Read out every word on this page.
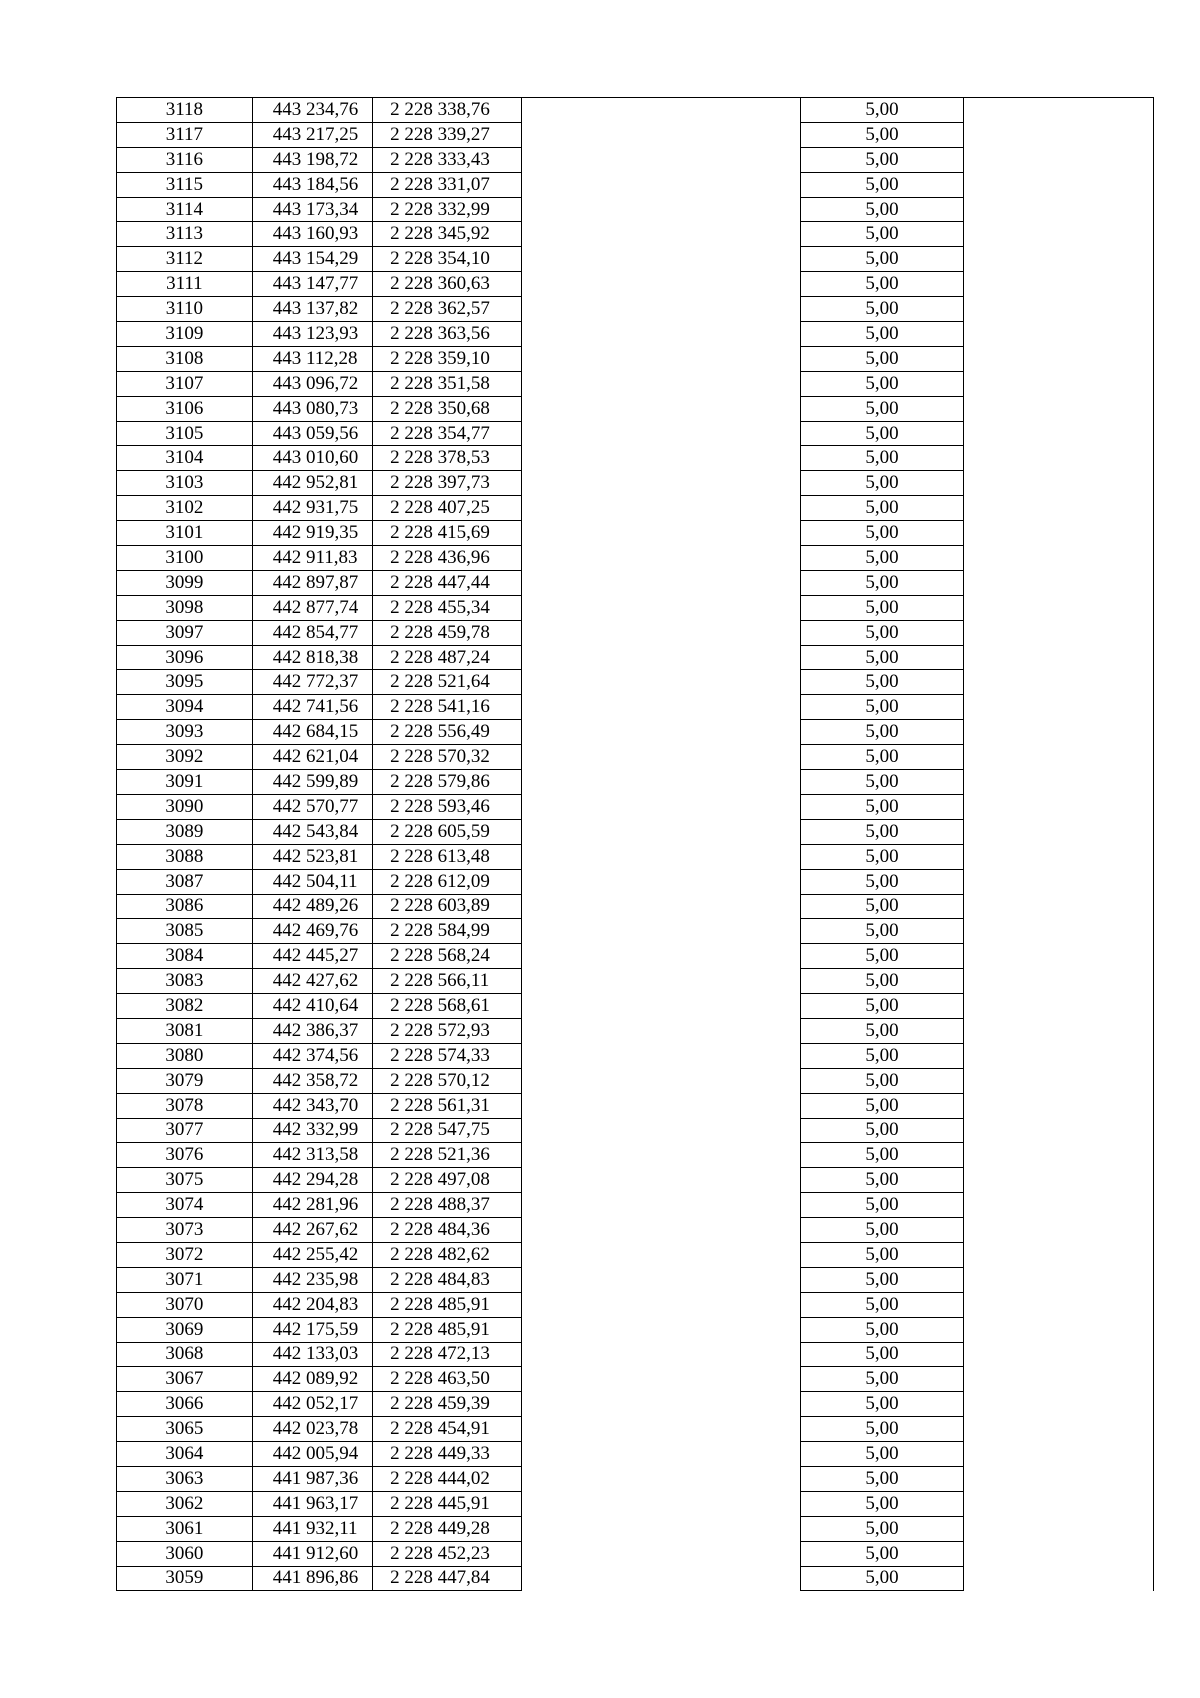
3118	443 234,76	2 228 338,76		5,00	
3117	443 217,25	2 228 339,27		5,00	
3116	443 198,72	2 228 333,43		5,00	
3115	443 184,56	2 228 331,07		5,00	
3114	443 173,34	2 228 332,99		5,00	
3113	443 160,93	2 228 345,92		5,00	
3112	443 154,29	2 228 354,10		5,00	
3111	443 147,77	2 228 360,63		5,00	
3110	443 137,82	2 228 362,57		5,00	
3109	443 123,93	2 228 363,56		5,00	
3108	443 112,28	2 228 359,10		5,00	
3107	443 096,72	2 228 351,58		5,00	
3106	443 080,73	2 228 350,68		5,00	
3105	443 059,56	2 228 354,77		5,00	
3104	443 010,60	2 228 378,53		5,00	
3103	442 952,81	2 228 397,73		5,00	
3102	442 931,75	2 228 407,25		5,00	
3101	442 919,35	2 228 415,69		5,00	
3100	442 911,83	2 228 436,96		5,00	
3099	442 897,87	2 228 447,44		5,00	
3098	442 877,74	2 228 455,34		5,00	
3097	442 854,77	2 228 459,78		5,00	
3096	442 818,38	2 228 487,24		5,00	
3095	442 772,37	2 228 521,64		5,00	
3094	442 741,56	2 228 541,16		5,00	
3093	442 684,15	2 228 556,49		5,00	
3092	442 621,04	2 228 570,32		5,00	
3091	442 599,89	2 228 579,86		5,00	
3090	442 570,77	2 228 593,46		5,00	
3089	442 543,84	2 228 605,59		5,00	
3088	442 523,81	2 228 613,48		5,00	
3087	442 504,11	2 228 612,09		5,00	
3086	442 489,26	2 228 603,89		5,00	
3085	442 469,76	2 228 584,99		5,00	
3084	442 445,27	2 228 568,24		5,00	
3083	442 427,62	2 228 566,11		5,00	
3082	442 410,64	2 228 568,61		5,00	
3081	442 386,37	2 228 572,93		5,00	
3080	442 374,56	2 228 574,33		5,00	
3079	442 358,72	2 228 570,12		5,00	
3078	442 343,70	2 228 561,31		5,00	
3077	442 332,99	2 228 547,75		5,00	
3076	442 313,58	2 228 521,36		5,00	
3075	442 294,28	2 228 497,08		5,00	
3074	442 281,96	2 228 488,37		5,00	
3073	442 267,62	2 228 484,36		5,00	
3072	442 255,42	2 228 482,62		5,00	
3071	442 235,98	2 228 484,83		5,00	
3070	442 204,83	2 228 485,91		5,00	
3069	442 175,59	2 228 485,91		5,00	
3068	442 133,03	2 228 472,13		5,00	
3067	442 089,92	2 228 463,50		5,00	
3066	442 052,17	2 228 459,39		5,00	
3065	442 023,78	2 228 454,91		5,00	
3064	442 005,94	2 228 449,33		5,00	
3063	441 987,36	2 228 444,02		5,00	
3062	441 963,17	2 228 445,91		5,00	
3061	441 932,11	2 228 449,28		5,00	
3060	441 912,60	2 228 452,23		5,00	
3059	441 896,86	2 228 447,84		5,00	
